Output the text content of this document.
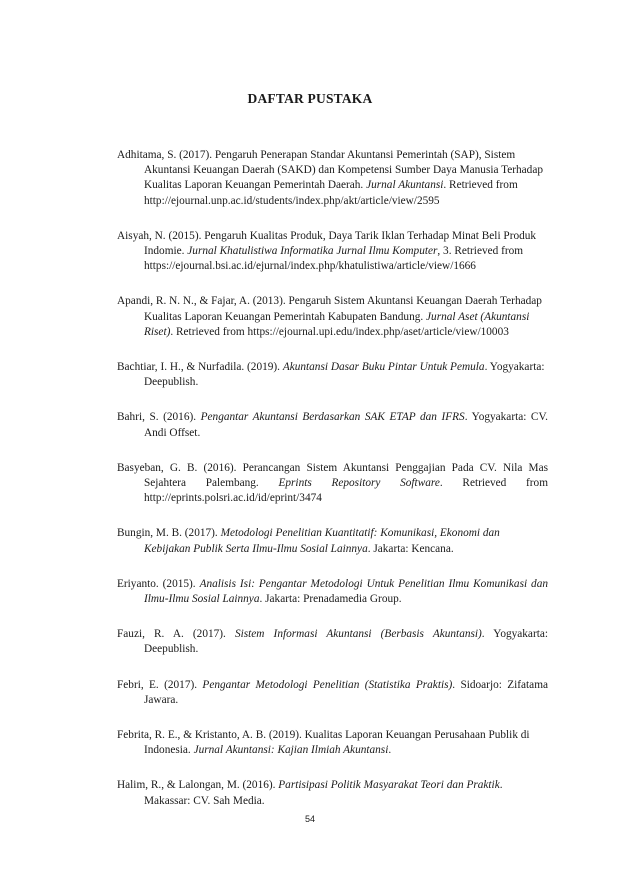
DAFTAR PUSTAKA

Adhitama, S. (2017). Pengaruh Penerapan Standar Akuntansi Pemerintah (SAP), Sistem Akuntansi Keuangan Daerah (SAKD) dan Kompetensi Sumber Daya Manusia Terhadap Kualitas Laporan Keuangan Pemerintah Daerah. Jurnal Akuntansi. Retrieved from http://ejournal.unp.ac.id/students/index.php/akt/article/view/2595

Aisyah, N. (2015). Pengaruh Kualitas Produk, Daya Tarik Iklan Terhadap Minat Beli Produk Indomie. Jurnal Khatulistiwa Informatika Jurnal Ilmu Komputer, 3. Retrieved from https://ejournal.bsi.ac.id/ejurnal/index.php/khatulistiwa/article/view/1666

Apandi, R. N. N., & Fajar, A. (2013). Pengaruh Sistem Akuntansi Keuangan Daerah Terhadap Kualitas Laporan Keuangan Pemerintah Kabupaten Bandung. Jurnal Aset (Akuntansi Riset). Retrieved from https://ejournal.upi.edu/index.php/aset/article/view/10003

Bachtiar, I. H., & Nurfadila. (2019). Akuntansi Dasar Buku Pintar Untuk Pemula. Yogyakarta: Deepublish.

Bahri, S. (2016). Pengantar Akuntansi Berdasarkan SAK ETAP dan IFRS. Yogyakarta: CV. Andi Offset.

Basyeban, G. B. (2016). Perancangan Sistem Akuntansi Penggajian Pada CV. Nila Mas Sejahtera Palembang. Eprints Repository Software. Retrieved from http://eprints.polsri.ac.id/id/eprint/3474

Bungin, M. B. (2017). Metodologi Penelitian Kuantitatif: Komunikasi, Ekonomi dan Kebijakan Publik Serta Ilmu-Ilmu Sosial Lainnya. Jakarta: Kencana.

Eriyanto. (2015). Analisis Isi: Pengantar Metodologi Untuk Penelitian Ilmu Komunikasi dan Ilmu-Ilmu Sosial Lainnya. Jakarta: Prenadamedia Group.

Fauzi, R. A. (2017). Sistem Informasi Akuntansi (Berbasis Akuntansi). Yogyakarta: Deepublish.

Febri, E. (2017). Pengantar Metodologi Penelitian (Statistika Praktis). Sidoarjo: Zifatama Jawara.

Febrita, R. E., & Kristanto, A. B. (2019). Kualitas Laporan Keuangan Perusahaan Publik di Indonesia. Jurnal Akuntansi: Kajian Ilmiah Akuntansi.

Halim, R., & Lalongan, M. (2016). Partisipasi Politik Masyarakat Teori dan Praktik. Makassar: CV. Sah Media.

54
